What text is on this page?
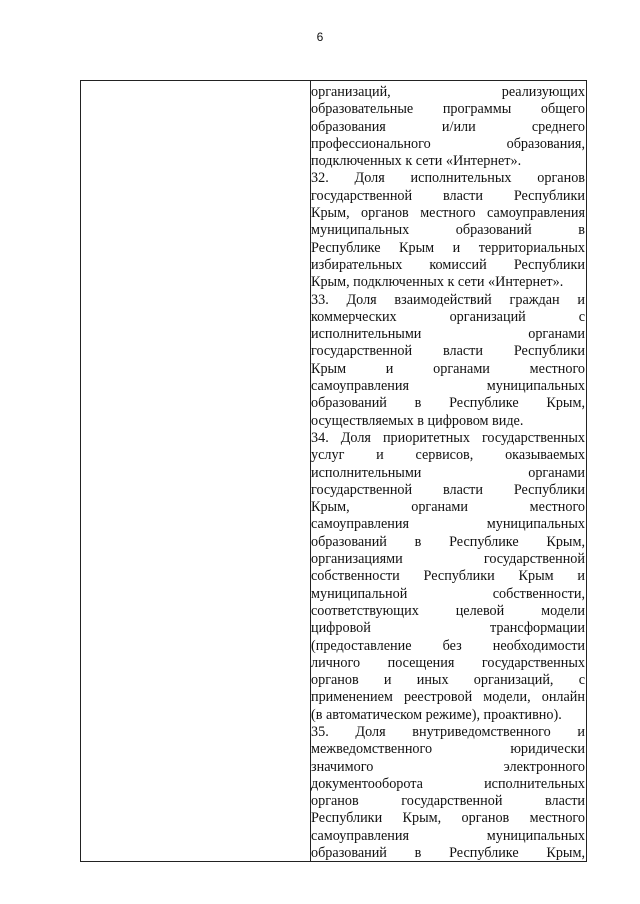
6
организаций, реализующих
образовательные программы общего
образования и/или среднего
профессионального образования,
подключенных к сети «Интернет».
32. Доля исполнительных органов
государственной власти Республики
Крым, органов местного самоуправления
муниципальных образований в
Республике Крым и территориальных
избирательных комиссий Республики
Крым, подключенных к сети «Интернет».
33. Доля взаимодействий граждан и
коммерческих организаций с
исполнительными органами
государственной власти Республики
Крым и органами местного
самоуправления муниципальных
образований в Республике Крым,
осуществляемых в цифровом виде.
34. Доля приоритетных государственных
услуг и сервисов, оказываемых
исполнительными органами
государственной власти Республики
Крым, органами местного
самоуправления муниципальных
образований в Республике Крым,
организациями государственной
собственности Республики Крым и
муниципальной собственности,
соответствующих целевой модели
цифровой трансформации
(предоставление без необходимости
личного посещения государственных
органов и иных организаций, с
применением реестровой модели, онлайн
(в автоматическом режиме), проактивно).
35. Доля внутриведомственного и
межведомственного юридически
значимого электронного
документооборота исполнительных
органов государственной власти
Республики Крым, органов местного
самоуправления муниципальных
образований в Республике Крым,
